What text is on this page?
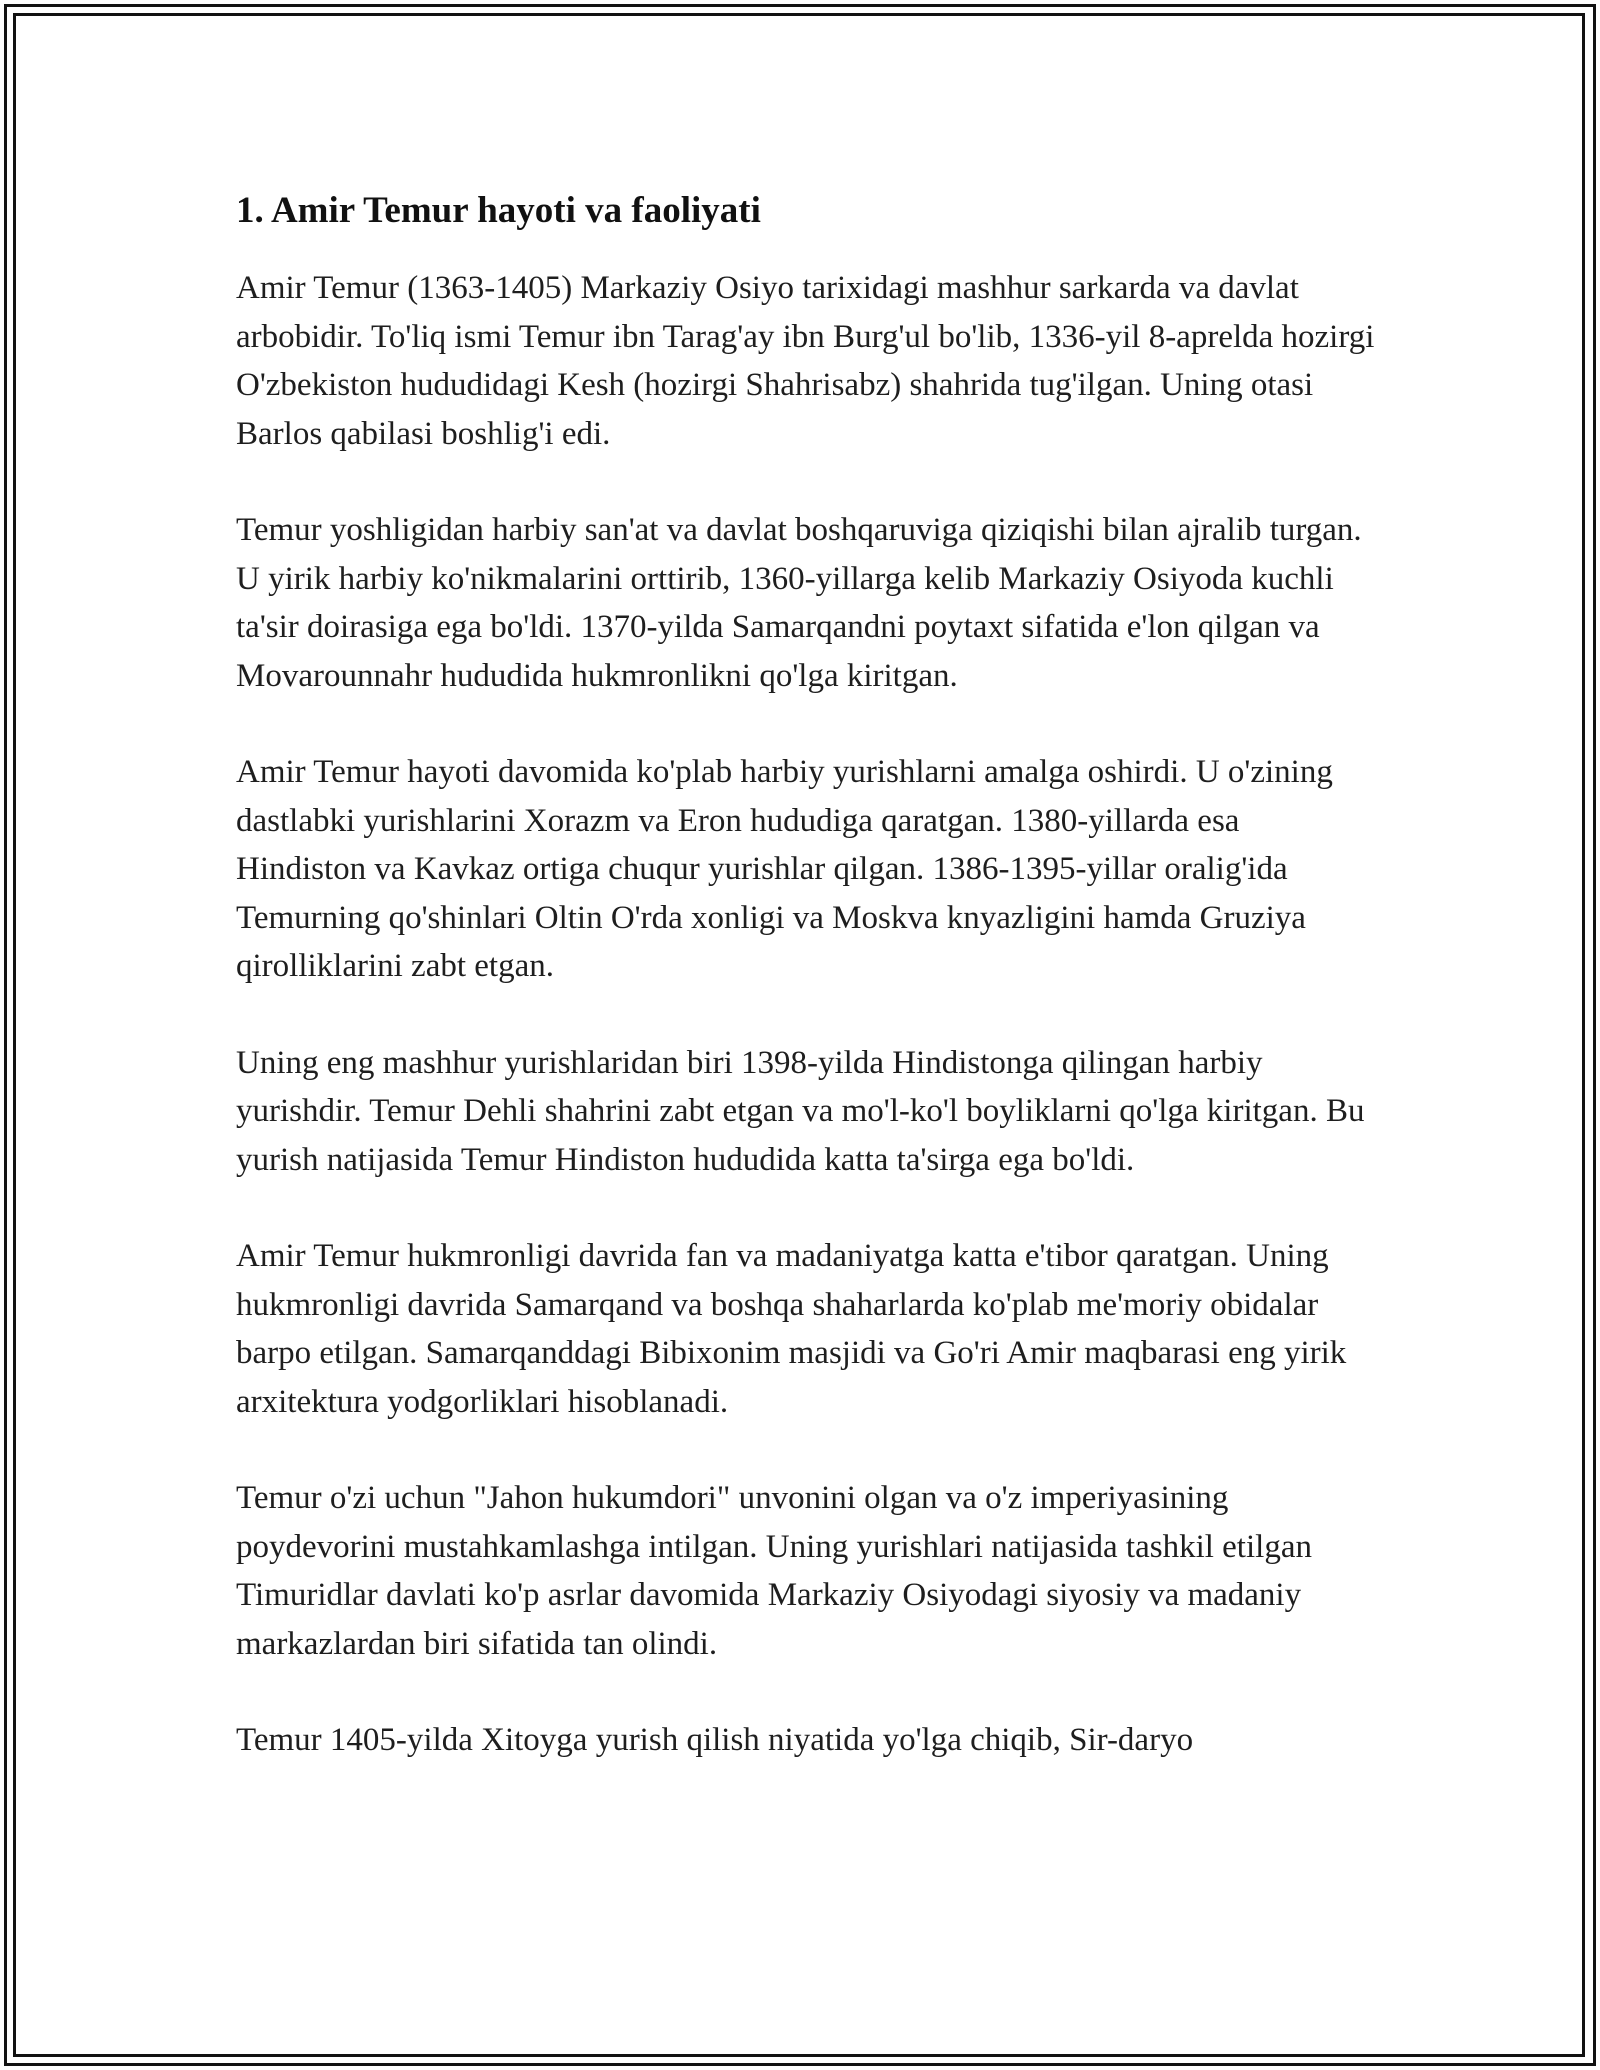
1. Amir Temur hayoti va faoliyati

Amir Temur (1363-1405) Markaziy Osiyo tarixidagi mashhur sarkarda va davlat arbobidir. To'liq ismi Temur ibn Tarag'ay ibn Burg'ul bo'lib, 1336-yil 8-aprelda hozirgi O'zbekiston hududidagi Kesh (hozirgi Shahrisabz) shahrida tug'ilgan. Uning otasi Barlos qabilasi boshlig'i edi.

Temur yoshligidan harbiy san'at va davlat boshqaruviga qiziqishi bilan ajralib turgan. U yirik harbiy ko'nikmalarini orttirib, 1360-yillarga kelib Markaziy Osiyoda kuchli ta'sir doirasiga ega bo'ldi. 1370-yilda Samarqandni poytaxt sifatida e'lon qilgan va Movarounnahr hududida hukmronlikni qo'lga kiritgan.

Amir Temur hayoti davomida ko'plab harbiy yurishlarni amalga oshirdi. U o'zining dastlabki yurishlarini Xorazm va Eron hududiga qaratgan. 1380-yillarda esa Hindiston va Kavkaz ortiga chuqur yurishlar qilgan. 1386-1395-yillar oralig'ida Temurning qo'shinlari Oltin O'rda xonligi va Moskva knyazligini hamda Gruziya qirolliklarini zabt etgan.

Uning eng mashhur yurishlaridan biri 1398-yilda Hindistonga qilingan harbiy yurishdir. Temur Dehli shahrini zabt etgan va mo'l-ko'l boyliklarni qo'lga kiritgan. Bu yurish natijasida Temur Hindiston hududida katta ta'sirga ega bo'ldi.

Amir Temur hukmronligi davrida fan va madaniyatga katta e'tibor qaratgan. Uning hukmronligi davrida Samarqand va boshqa shaharlarda ko'plab me'moriy obidalar barpo etilgan. Samarqanddagi Bibixonim masjidi va Go'ri Amir maqbarasi eng yirik arxitektura yodgorliklari hisoblanadi.

Temur o'zi uchun "Jahon hukumdori" unvonini olgan va o'z imperiyasining poydevorini mustahkamlashga intilgan. Uning yurishlari natijasida tashkil etilgan Timuridlar davlati ko'p asrlar davomida Markaziy Osiyodagi siyosiy va madaniy markazlardan biri sifatida tan olindi.

Temur 1405-yilda Xitoyga yurish qilish niyatida yo'lga chiqib, Sir-daryo
